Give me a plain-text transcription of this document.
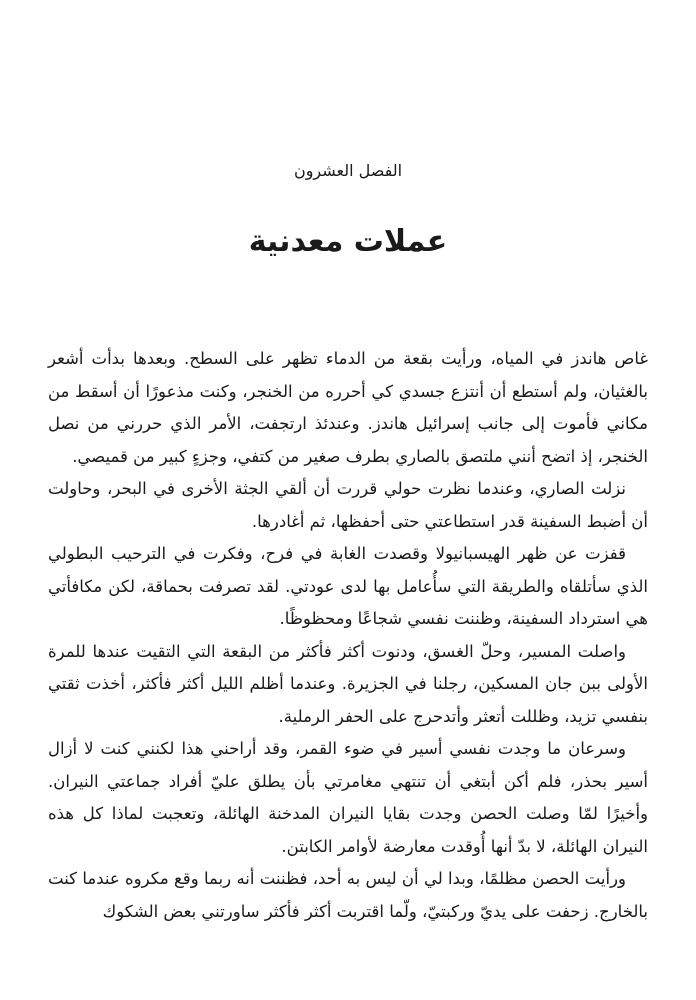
الفصل العشرون
عملات معدنية

غاص هاندز في المياه، ورأيت بقعة من الدماء تظهر على السطح. وبعدها بدأت أشعر بالغثيان، ولم أستطع أن أنتزع جسدي كي أحرره من الخنجر، وكنت مذعورًا أن أسقط من مكاني فأموت إلى جانب إسرائيل هاندز. وعندئذ ارتجفت، الأمر الذي حررني من نصل الخنجر، إذ اتضح أنني ملتصق بالصاري بطرف صغير من كتفي، وجزءٍ كبير من قميصي.

نزلت الصاري، وعندما نظرت حولي قررت أن ألقي الجثة الأخرى في البحر، وحاولت أن أضبط السفينة قدر استطاعتي حتى أحفظها، ثم أغادرها.

قفزت عن ظهر الهيسبانيولا وقصدت الغابة في فرح، وفكرت في الترحيب البطولي الذي سأتلقاه والطريقة التي سأُعامل بها لدى عودتي. لقد تصرفت بحماقة، لكن مكافأتي هي استرداد السفينة، وظننت نفسي شجاعًا ومحظوظًا.

واصلت المسير، وحلّ الغسق، ودنوت أكثر فأكثر من البقعة التي التقيت عندها للمرة الأولى ببن جان المسكين، رجلنا في الجزيرة. وعندما أظلم الليل أكثر فأكثر، أخذت ثقتي بنفسي تزيد، وظللت أتعثر وأتدحرج على الحفر الرملية.

وسرعان ما وجدت نفسي أسير في ضوء القمر، وقد أراحني هذا لكنني كنت لا أزال أسير بحذر، فلم أكن أبتغي أن تنتهي مغامرتي بأن يطلق عليّ أفراد جماعتي النيران. وأخيرًا لمّا وصلت الحصن وجدت بقايا النيران المدخنة الهائلة، وتعجبت لماذا كل هذه النيران الهائلة، لا بدّ أنها أُوقدت معارضة لأوامر الكابتن.

ورأيت الحصن مظلمًا، وبدا لي أن ليس به أحد، فظننت أنه ربما وقع مكروه عندما كنت بالخارج. زحفت على يديّ وركبتيّ، ولّما اقتربت أكثر فأكثر ساورتني بعض الشكوك
